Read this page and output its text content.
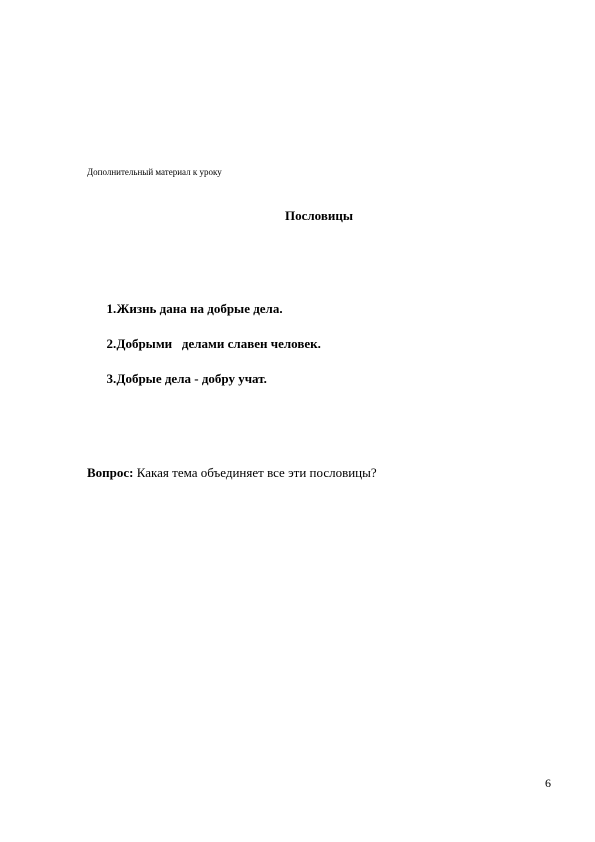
Дополнительный материал к уроку
Пословицы

1.Жизнь дана на добрые дела.

2.Добрыми   делами славен человек.

3.Добрые дела - добру учат.

Вопрос: Какая тема объединяет все эти пословицы?
6
